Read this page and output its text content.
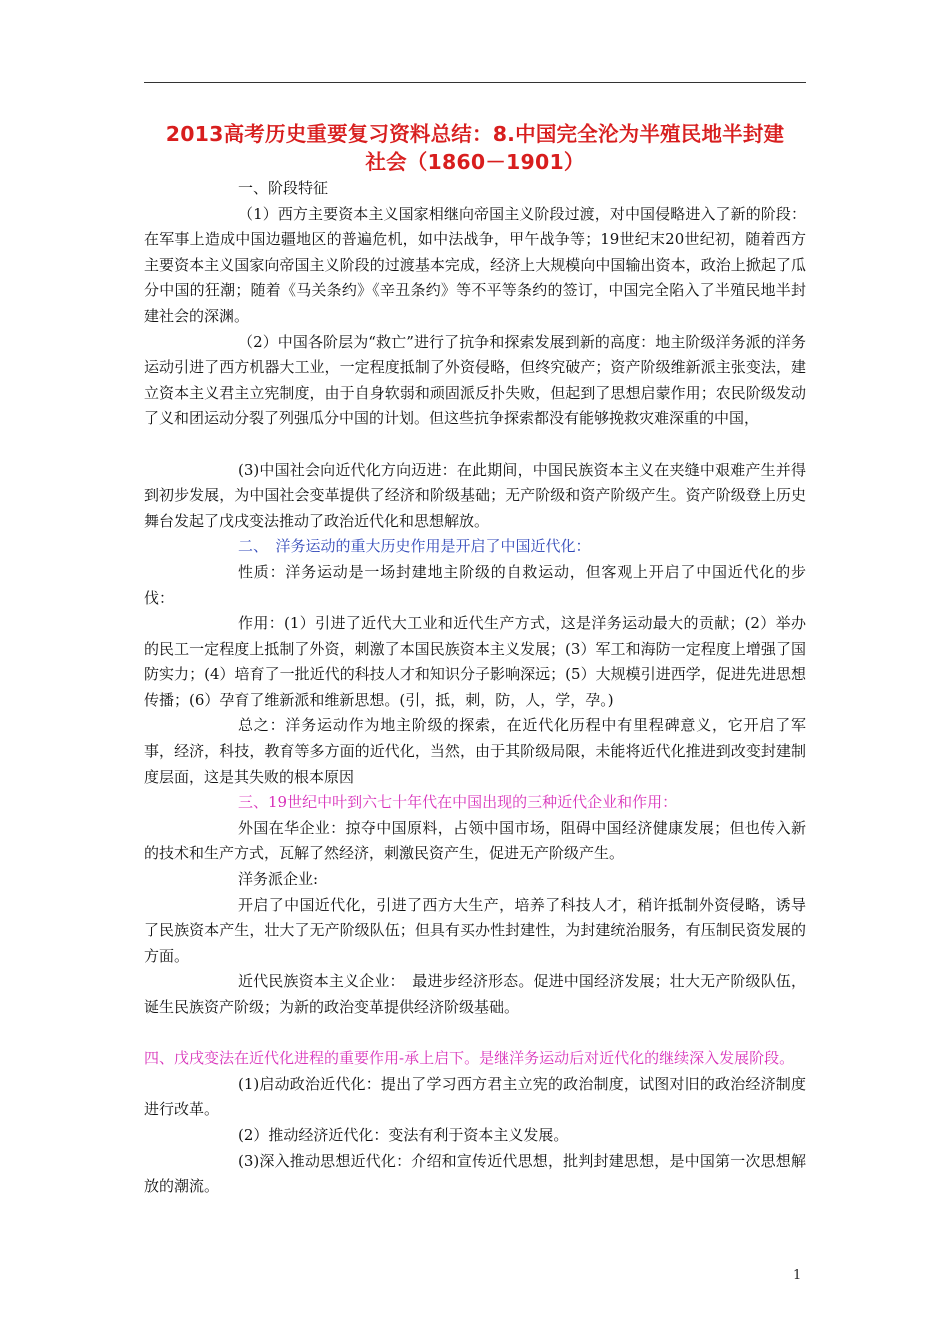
2013高考历史重要复习资料总结：8.中国完全沦为半殖民地半封建
社会（1860－1901）

一、阶段特征

（1）西方主要资本主义国家相继向帝国主义阶段过渡，对中国侵略进入了新的阶段：在军事上造成中国边疆地区的普遍危机，如中法战争，甲午战争等；19世纪末20世纪初，随着西方主要资本主义国家向帝国主义阶段的过渡基本完成，经济上大规模向中国输出资本，政治上掀起了瓜分中国的狂潮；随着《马关条约》《辛丑条约》等不平等条约的签订，中国完全陷入了半殖民地半封建社会的深渊。

（2）中国各阶层为“救亡”进行了抗争和探索发展到新的高度：地主阶级洋务派的洋务运动引进了西方机器大工业，一定程度抵制了外资侵略，但终究破产；资产阶级维新派主张变法，建立资本主义君主立宪制度，由于自身软弱和顽固派反扑失败，但起到了思想启蒙作用；农民阶级发动了义和团运动分裂了列强瓜分中国的计划。但这些抗争探索都没有能够挽救灾难深重的中国，

(3)中国社会向近代化方向迈进：在此期间，中国民族资本主义在夹缝中艰难产生并得到初步发展，为中国社会变革提供了经济和阶级基础；无产阶级和资产阶级产生。资产阶级登上历史舞台发起了戊戌变法推动了政治近代化和思想解放。

二、　洋务运动的重大历史作用是开启了中国近代化：

性质：洋务运动是一场封建地主阶级的自救运动，但客观上开启了中国近代化的步伐：

作用：(1）引进了近代大工业和近代生产方式，这是洋务运动最大的贡献；(2）举办的民工一定程度上抵制了外资，刺激了本国民族资本主义发展；(3）军工和海防一定程度上增强了国防实力；(4）培育了一批近代的科技人才和知识分子影响深远；(5）大规模引进西学，促进先进思想传播；(6）孕育了维新派和维新思想。(引，抵，刺，防，人，学，孕。)

总之：洋务运动作为地主阶级的探索，在近代化历程中有里程碑意义，它开启了军事，经济，科技，教育等多方面的近代化，当然，由于其阶级局限，未能将近代化推进到改变封建制度层面，这是其失败的根本原因

三、19世纪中叶到六七十年代在中国出现的三种近代企业和作用：

外国在华企业：掠夺中国原料，占领中国市场，阻碍中国经济健康发展；但也传入新的技术和生产方式，瓦解了然经济，刺激民资产生，促进无产阶级产生。

洋务派企业:

开启了中国近代化，引进了西方大生产，培养了科技人才，稍许抵制外资侵略，诱导了民族资本产生，壮大了无产阶级队伍；但具有买办性封建性，为封建统治服务，有压制民资发展的方面。

近代民族资本主义企业：　最进步经济形态。促进中国经济发展；壮大无产阶级队伍，诞生民族资产阶级；为新的政治变革提供经济阶级基础。

四、戊戌变法在近代化进程的重要作用-承上启下。是继洋务运动后对近代化的继续深入发展阶段。

(1)启动政治近代化：提出了学习西方君主立宪的政治制度，试图对旧的政治经济制度进行改革。

(2）推动经济近代化：变法有利于资本主义发展。

(3)深入推动思想近代化：介绍和宣传近代思想，批判封建思想，是中国第一次思想解放的潮流。

1
